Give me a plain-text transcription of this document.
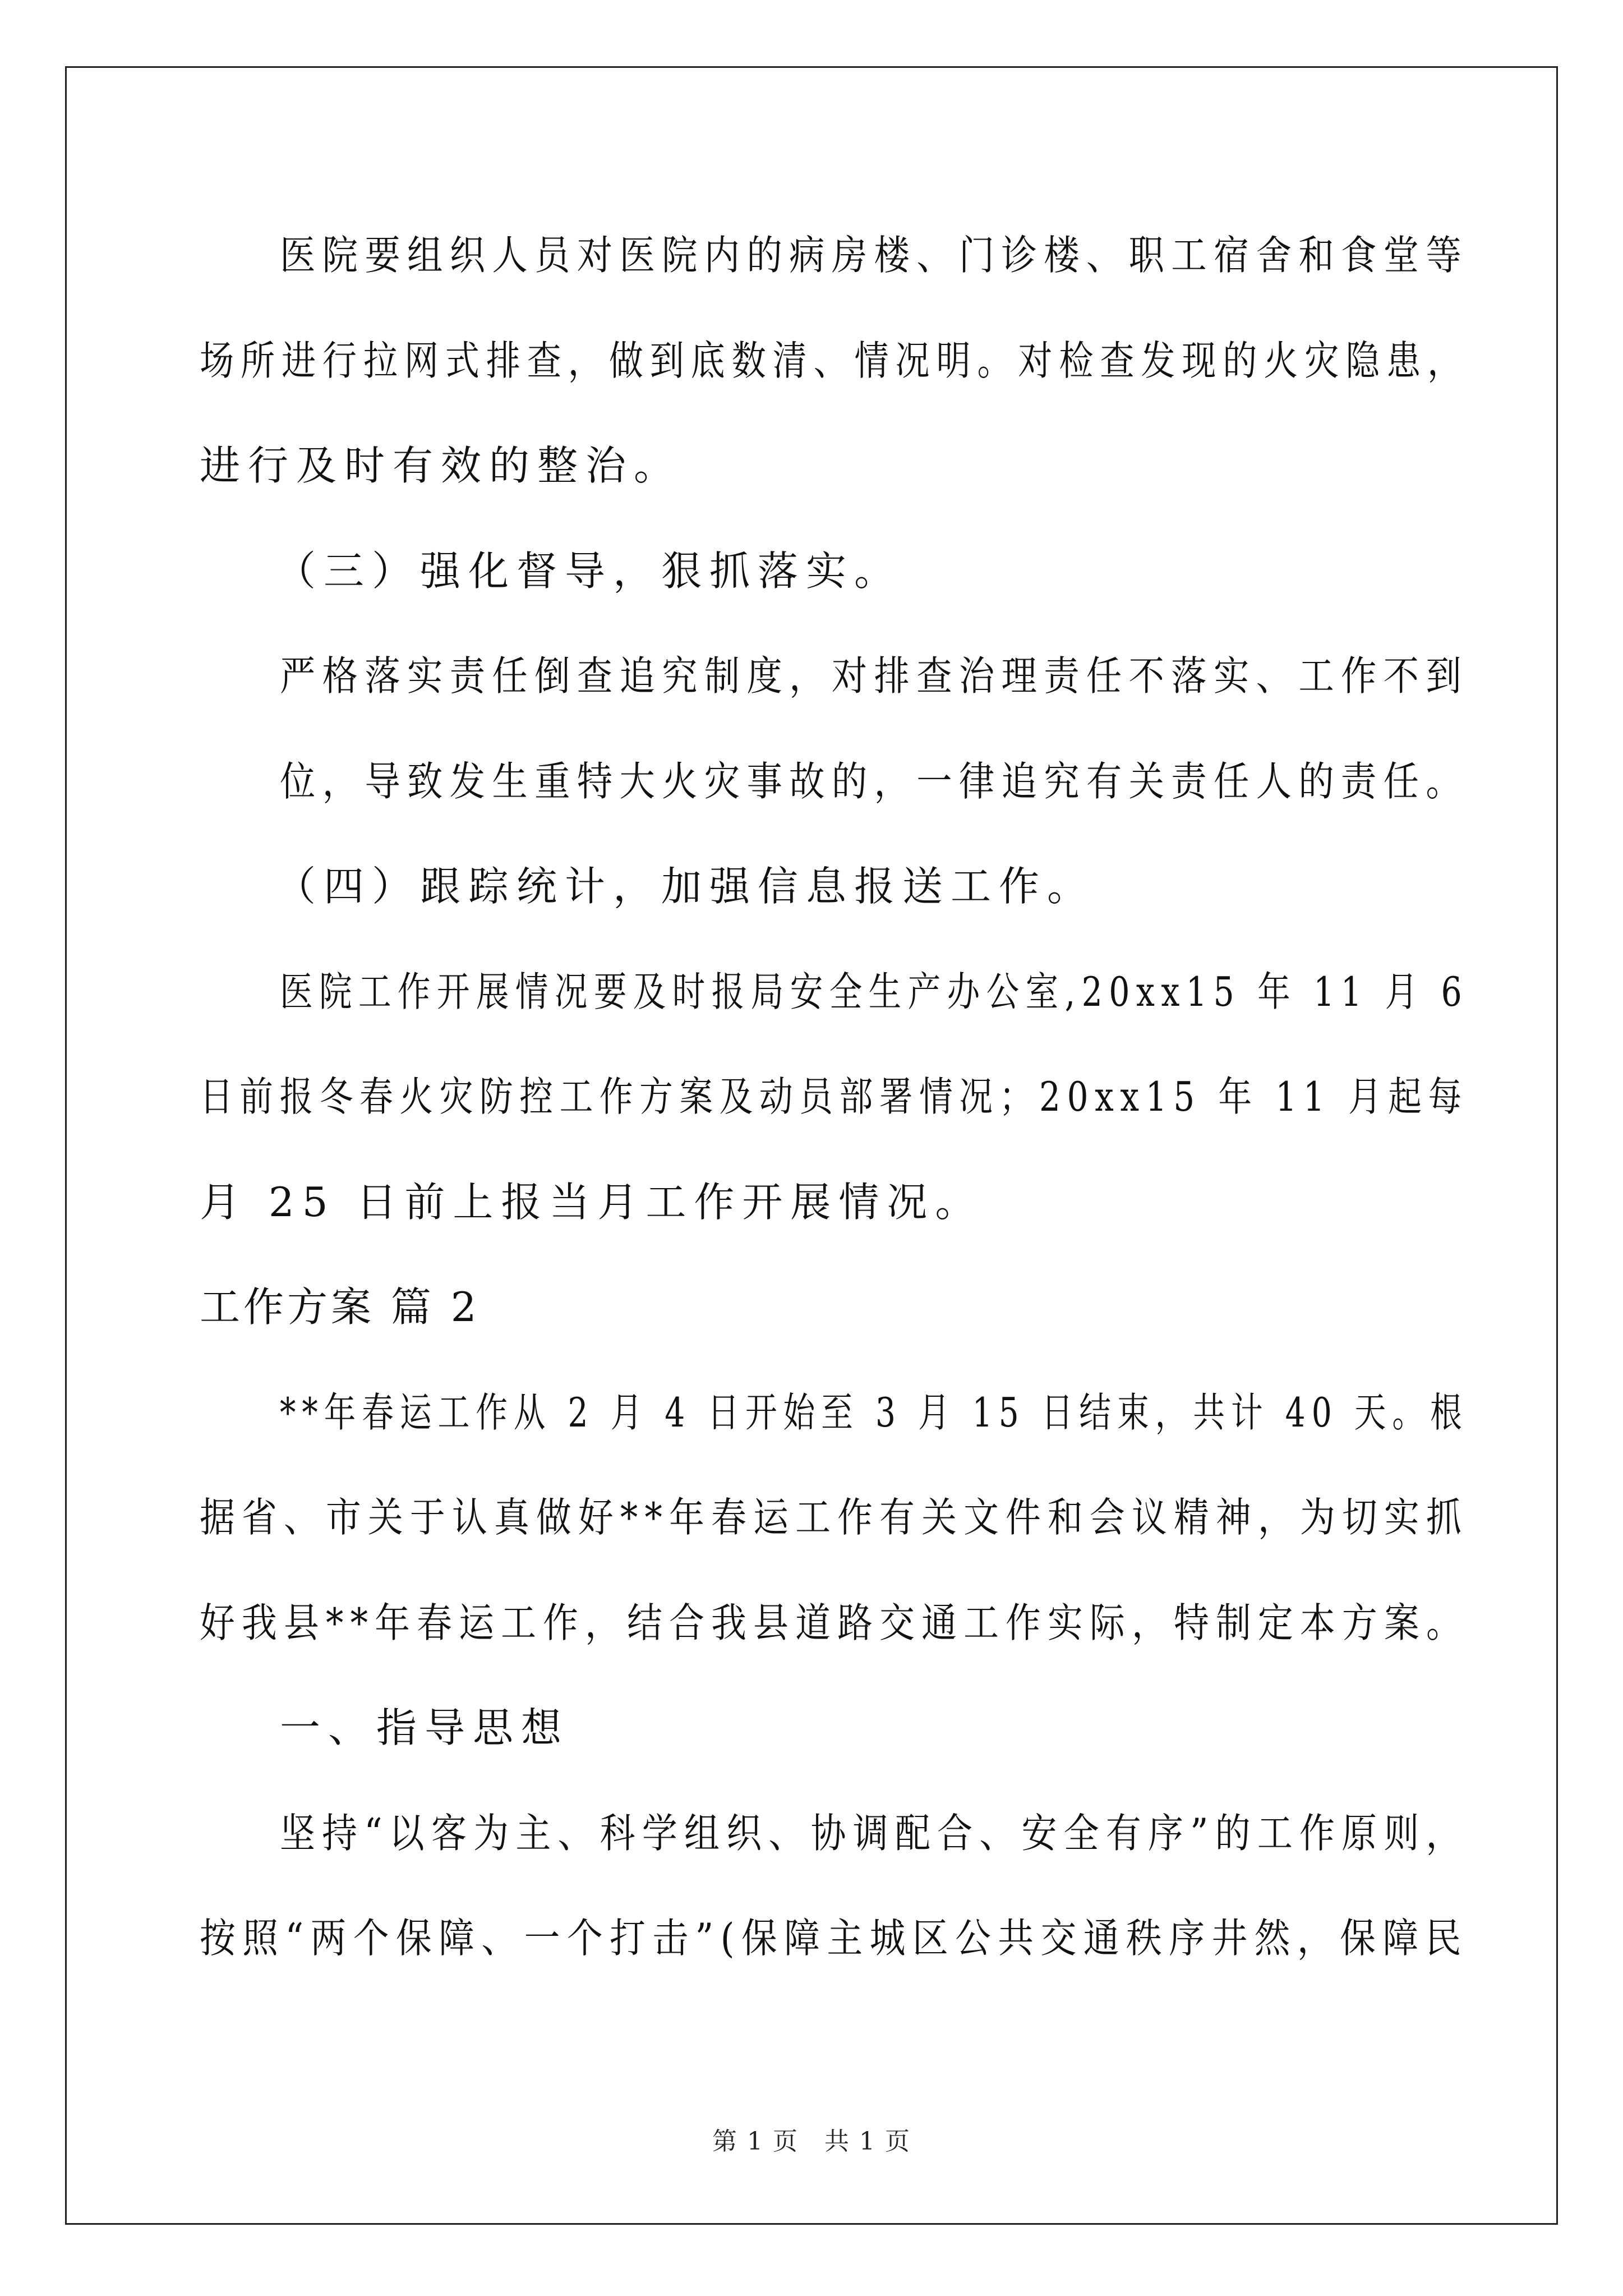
医院要组织人员对医院内的病房楼、门诊楼、职工宿舍和食堂等
场所进行拉网式排查，做到底数清、情况明。对检查发现的火灾隐患，
进行及时有效的整治。
（三）强化督导，狠抓落实。
严格落实责任倒查追究制度，对排查治理责任不落实、工作不到
位，导致发生重特大火灾事故的，一律追究有关责任人的责任。
（四）跟踪统计，加强信息报送工作。
医院工作开展情况要及时报局安全生产办公室,20xx15 年 11 月 6
日前报冬春火灾防控工作方案及动员部署情况；20xx15 年 11 月起每
月 25 日前上报当月工作开展情况。
工作方案 篇 2
**年春运工作从 2 月 4 日开始至 3 月 15 日结束，共计 40 天。根
据省、市关于认真做好**年春运工作有关文件和会议精神，为切实抓
好我县**年春运工作，结合我县道路交通工作实际，特制定本方案。
一、指导思想
坚持“以客为主、科学组织、协调配合、安全有序”的工作原则，
按照“两个保障、一个打击”(保障主城区公共交通秩序井然，保障民
第 1 页　共 1 页
